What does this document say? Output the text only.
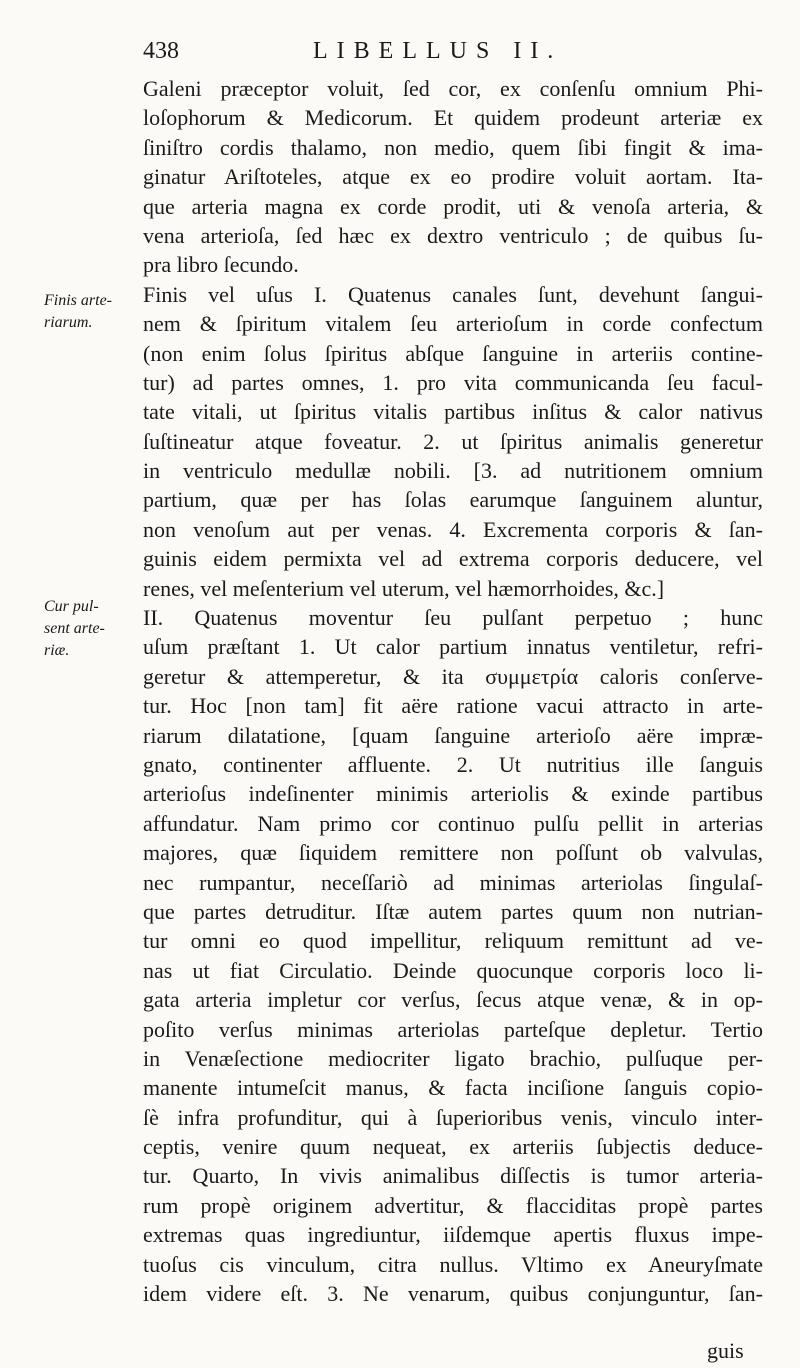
438	LIBELLUS II.
Finis arte-
riarum.
Cur pul-
sent arte-
riæ.
Galeni præceptor voluit, ſed cor, ex conſenſu omnium Phi-
loſophorum & Medicorum. Et quidem prodeunt arteriæ ex
ſiniſtro cordis thalamo, non medio, quem ſibi fingit & ima-
ginatur Ariſtoteles, atque ex eo prodire voluit aortam. Ita-
que arteria magna ex corde prodit, uti & venoſa arteria, &
vena arterioſa, ſed hæc ex dextro ventriculo ; de quibus ſu-
pra libro ſecundo.
Finis vel uſus I. Quatenus canales ſunt, devehunt ſangui-
nem & ſpiritum vitalem ſeu arterioſum in corde confectum
(non enim ſolus ſpiritus abſque ſanguine in arteriis contine-
tur) ad partes omnes, 1. pro vita communicanda ſeu facul-
tate vitali, ut ſpiritus vitalis partibus inſitus & calor nativus
ſuſtineatur atque foveatur. 2. ut ſpiritus animalis generetur
in ventriculo medullæ nobili. [3. ad nutritionem omnium
partium, quæ per has ſolas earumque ſanguinem aluntur,
non venoſum aut per venas. 4. Excrementa corporis & ſan-
guinis eidem permixta vel ad extrema corporis deducere, vel
renes, vel meſenterium vel uterum, vel hæmorrhoides, &c.]
II. Quatenus moventur ſeu pulſant perpetuo ; hunc
uſum præſtant 1. Ut calor partium innatus ventiletur, refri-
geretur & attemperetur, & ita συμμετρία caloris conſerve-
tur. Hoc [non tam] fit aëre ratione vacui attracto in arte-
riarum dilatatione, [quam ſanguine arterioſo aëre impræ-
gnato, continenter affluente. 2. Ut nutritius ille ſanguis
arterioſus indeſinenter minimis arteriolis & exinde partibus
affundatur. Nam primo cor continuo pulſu pellit in arterias
majores, quæ ſiquidem remittere non poſſunt ob valvulas,
nec rumpantur, neceſſariò ad minimas arteriolas ſingulaſ-
que partes detruditur. Iſtæ autem partes quum non nutrian-
tur omni eo quod impellitur, reliquum remittunt ad ve-
nas ut fiat Circulatio. Deinde quocunque corporis loco li-
gata arteria impletur cor verſus, ſecus atque venæ, & in op-
poſito verſus minimas arteriolas parteſque depletur. Tertio
in Venæſectione mediocriter ligato brachio, pulſuque per-
manente intumeſcit manus, & facta inciſione ſanguis copio-
ſè infra profunditur, qui à ſuperioribus venis, vinculo inter-
ceptis, venire quum nequeat, ex arteriis ſubjectis deduce-
tur. Quarto, In vivis animalibus diſſectis is tumor arteria-
rum propè originem advertitur, & flacciditas propè partes
extremas quas ingrediuntur, iiſdemque apertis fluxus impe-
tuoſus cis vinculum, citra nullus. Vltimo ex Aneuryſmate
idem videre eſt. 3. Ne venarum, quibus conjunguntur, ſan-
guis
